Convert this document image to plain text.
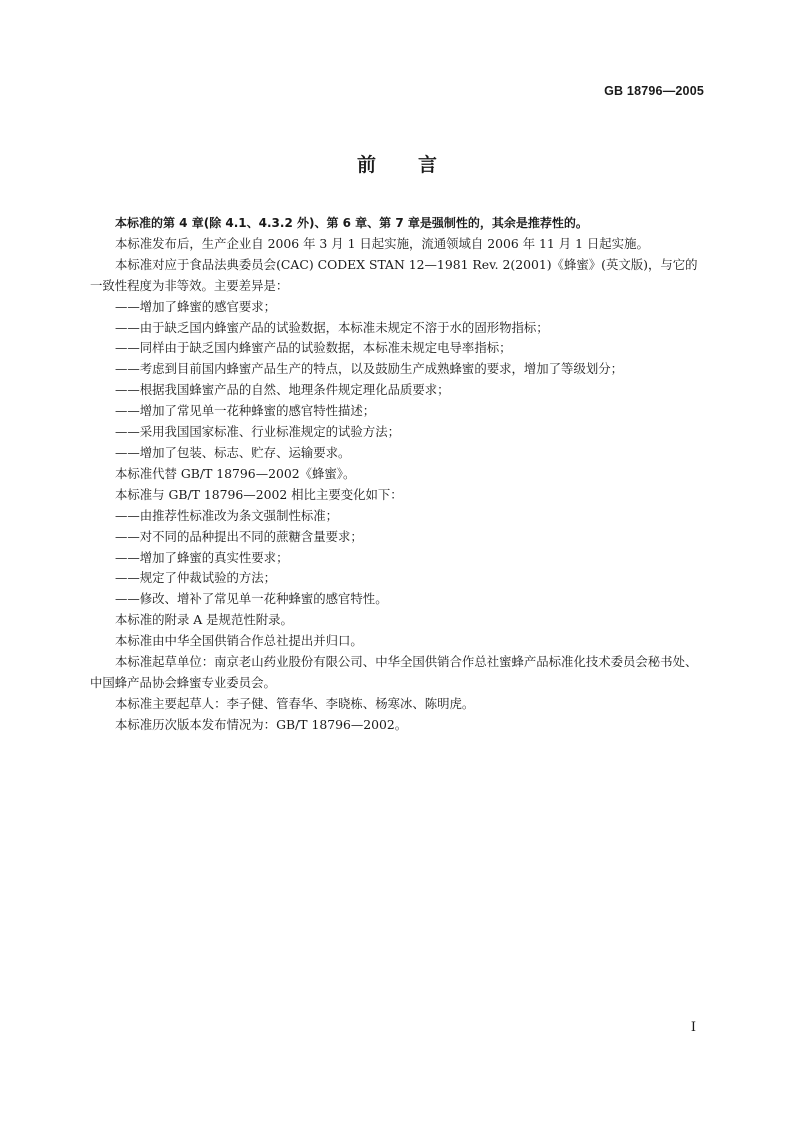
GB 18796—2005
前 言

本标准的第 4 章(除 4.1、4.3.2 外)、第 6 章、第 7 章是强制性的，其余是推荐性的。

本标准发布后，生产企业自 2006 年 3 月 1 日起实施，流通领域自 2006 年 11 月 1 日起实施。

本标准对应于食品法典委员会(CAC) CODEX STAN 12—1981 Rev. 2(2001)《蜂蜜》(英文版)，与它的一致性程度为非等效。主要差异是：

——增加了蜂蜜的感官要求；

——由于缺乏国内蜂蜜产品的试验数据，本标准未规定不溶于水的固形物指标；

——同样由于缺乏国内蜂蜜产品的试验数据，本标准未规定电导率指标；

——考虑到目前国内蜂蜜产品生产的特点，以及鼓励生产成熟蜂蜜的要求，增加了等级划分；

——根据我国蜂蜜产品的自然、地理条件规定理化品质要求；

——增加了常见单一花种蜂蜜的感官特性描述；

——采用我国国家标准、行业标准规定的试验方法；

——增加了包装、标志、贮存、运输要求。

本标准代替 GB/T 18796—2002《蜂蜜》。

本标准与 GB/T 18796—2002 相比主要变化如下：

——由推荐性标准改为条文强制性标准；

——对不同的品种提出不同的蔗糖含量要求；

——增加了蜂蜜的真实性要求；

——规定了仲裁试验的方法；

——修改、增补了常见单一花种蜂蜜的感官特性。

本标准的附录 A 是规范性附录。

本标准由中华全国供销合作总社提出并归口。

本标准起草单位：南京老山药业股份有限公司、中华全国供销合作总社蜜蜂产品标准化技术委员会秘书处、中国蜂产品协会蜂蜜专业委员会。

本标准主要起草人：李子健、管春华、李晓栋、杨寒冰、陈明虎。

本标准历次版本发布情况为：GB/T 18796—2002。

I
